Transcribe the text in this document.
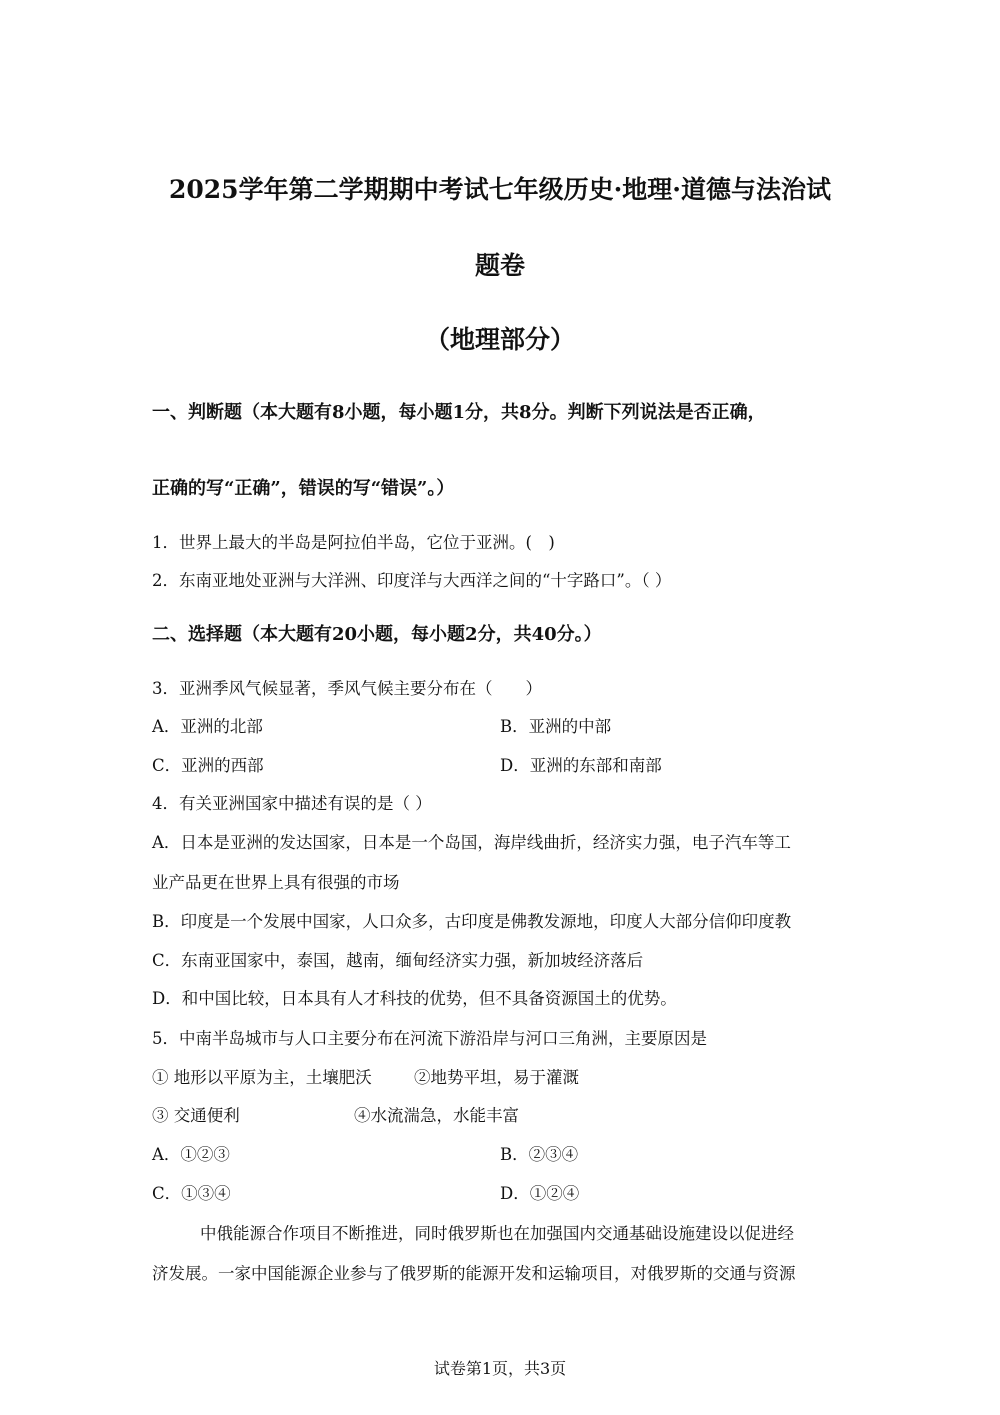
2025学年第二学期期中考试七年级历史·地理·道德与法治试
题卷
（地理部分）
一、判断题（本大题有8小题，每小题1分，共8分。判断下列说法是否正确，
正确的写“正确”，错误的写“错误”。）
1．世界上最大的半岛是阿拉伯半岛，它位于亚洲。(　)
2．东南亚地处亚洲与大洋洲、印度洋与大西洋之间的“十字路口”。（ ）
二、选择题（本大题有20小题，每小题2分，共40分。）
3．亚洲季风气候显著，季风气候主要分布在（　　）
A．亚洲的北部	B．亚洲的中部
C．亚洲的西部	D．亚洲的东部和南部
4．有关亚洲国家中描述有误的是（ ）
A．日本是亚洲的发达国家，日本是一个岛国，海岸线曲折，经济实力强，电子汽车等工
业产品更在世界上具有很强的市场
B．印度是一个发展中国家，人口众多，古印度是佛教发源地，印度人大部分信仰印度教
C．东南亚国家中，泰国，越南，缅甸经济实力强，新加坡经济落后
D．和中国比较，日本具有人才科技的优势，但不具备资源国土的优势。
5．中南半岛城市与人口主要分布在河流下游沿岸与河口三角洲，主要原因是
① 地形以平原为主，土壤肥沃	②地势平坦，易于灌溉
③ 交通便利	④水流湍急，水能丰富
A．①②③	B．②③④
C．①③④	D．①②④
中俄能源合作项目不断推进，同时俄罗斯也在加强国内交通基础设施建设以促进经
济发展。一家中国能源企业参与了俄罗斯的能源开发和运输项目，对俄罗斯的交通与资源
试卷第1页，共3页
